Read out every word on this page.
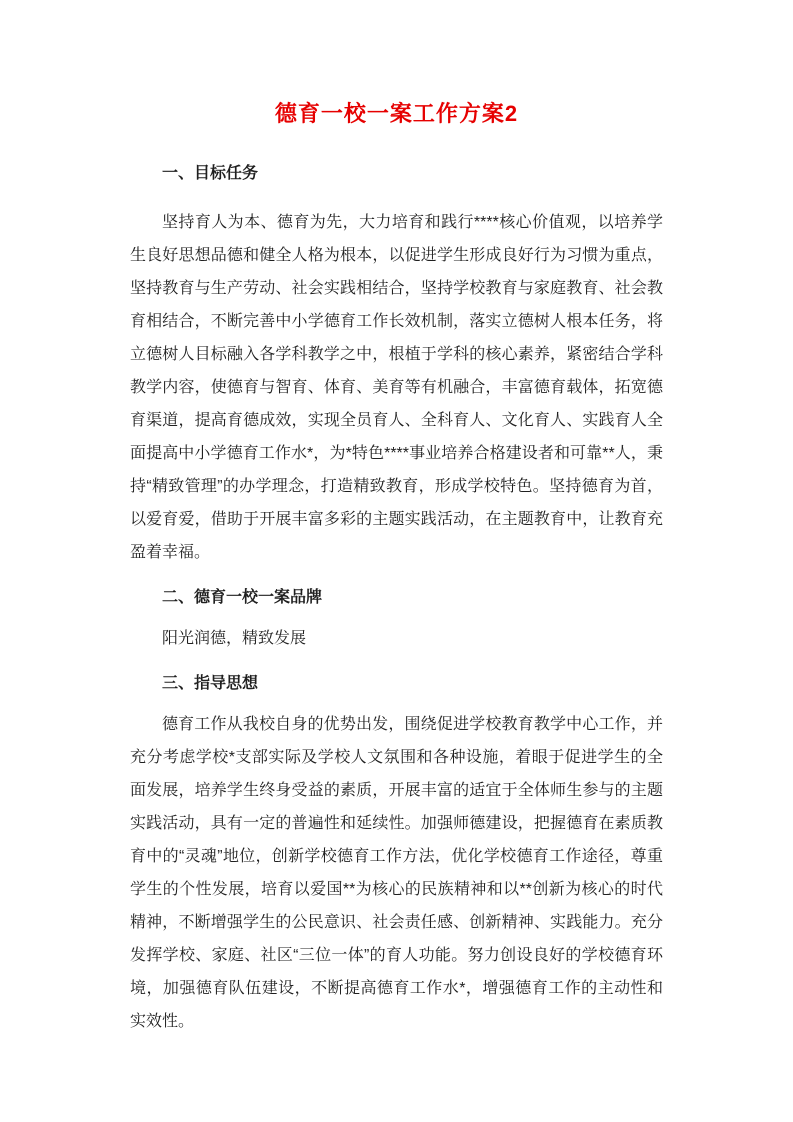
德育一校一案工作方案2
一、目标任务

坚持育人为本、德育为先，大力培育和践行****核心价值观，以培养学生良好思想品德和健全人格为根本，以促进学生形成良好行为习惯为重点，坚持教育与生产劳动、社会实践相结合，坚持学校教育与家庭教育、社会教育相结合，不断完善中小学德育工作长效机制，落实立德树人根本任务，将立德树人目标融入各学科教学之中，根植于学科的核心素养，紧密结合学科教学内容，使德育与智育、体育、美育等有机融合，丰富德育载体，拓宽德育渠道，提高育德成效，实现全员育人、全科育人、文化育人、实践育人全面提高中小学德育工作水*，为*特色****事业培养合格建设者和可靠**人，秉持“精致管理”的办学理念，打造精致教育，形成学校特色。坚持德育为首，以爱育爱，借助于开展丰富多彩的主题实践活动，在主题教育中，让教育充盈着幸福。

二、德育一校一案品牌

阳光润德，精致发展

三、指导思想

德育工作从我校自身的优势出发，围绕促进学校教育教学中心工作，并充分考虑学校*支部实际及学校人文氛围和各种设施，着眼于促进学生的全面发展，培养学生终身受益的素质，开展丰富的适宜于全体师生参与的主题实践活动，具有一定的普遍性和延续性。加强师德建设，把握德育在素质教育中的“灵魂”地位，创新学校德育工作方法，优化学校德育工作途径，尊重学生的个性发展，培育以爱国**为核心的民族精神和以**创新为核心的时代精神，不断增强学生的公民意识、社会责任感、创新精神、实践能力。充分发挥学校、家庭、社区“三位一体”的育人功能。努力创设良好的学校德育环境，加强德育队伍建设，不断提高德育工作水*，增强德育工作的主动性和实效性。
